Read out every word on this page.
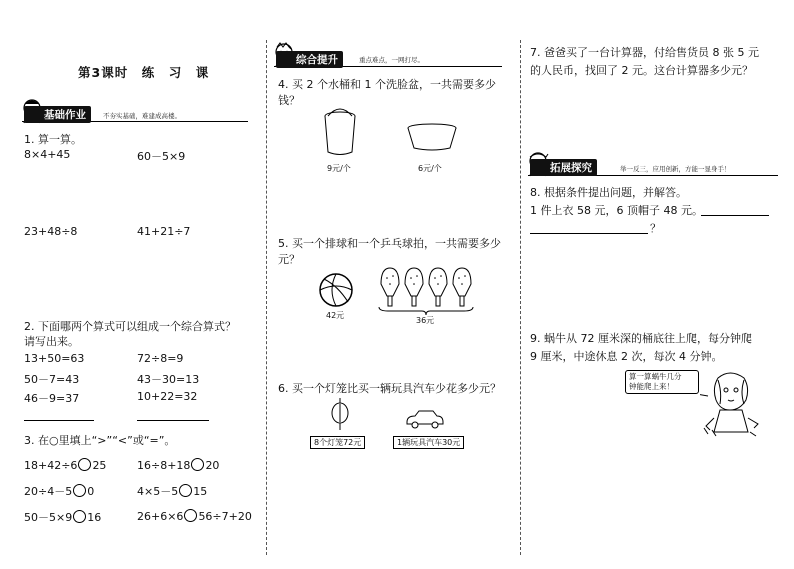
第3课时　练　习　课
基础作业	不夯实基础，难建成高楼。
1. 算一算。
8×4+45	60－5×9
23+48÷8	41+21÷7
2. 下面哪两个算式可以组成一个综合算式？
请写出来。
13+50=63	72÷8=9
50－7=43	43－30=13
46－9=37	10+22=32
3. 在○里填上“>”“<”或“=”。
18+42÷6 25	16÷8+18 20
20÷4－5 0	4×5－5 15
50－5×9 16	26+6×6 56÷7+20
综合提升	重点难点，一网打尽。
4. 买 2 个水桶和 1 个洗脸盆，一共需要多少
钱？
9元/个	6元/个
5. 买一个排球和一个乒乓球拍，一共需要多少
元？
42元
36元
6. 买一个灯笼比买一辆玩具汽车少花多少元？
8个灯笼72元	1辆玩具汽车30元
7. 爸爸买了一台计算器，付给售货员 8 张 5 元
的人民币，找回了 2 元。这台计算器多少元？
拓展探究	举一反三，应用创新，方能一显身手！
8. 根据条件提出问题，并解答。
1 件上衣 58 元，6 顶帽子 48 元。
？
9. 蜗牛从 72 厘米深的桶底往上爬，每分钟爬
9 厘米，中途休息 2 次，每次 4 分钟。
算一算蜗牛几分
钟能爬上来！
